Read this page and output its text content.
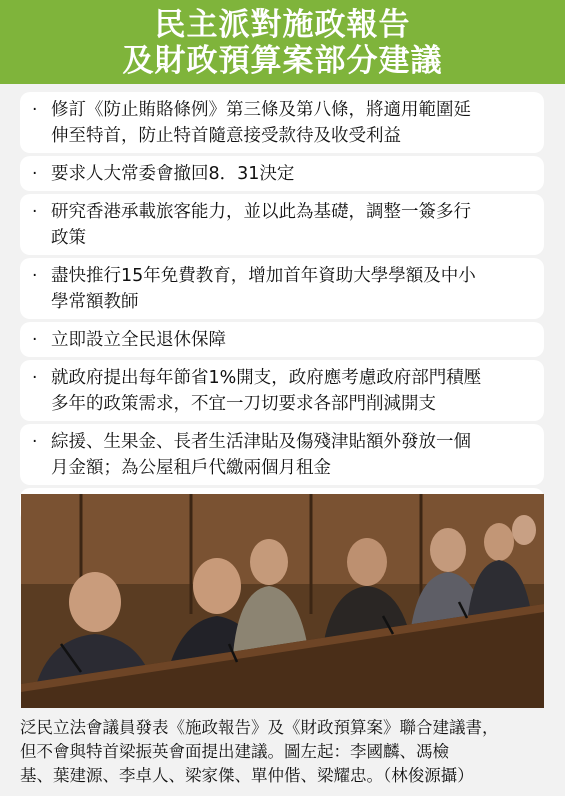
民主派對施政報告
及財政預算案部分建議
· 修訂《防止賄賂條例》第三條及第八條，將適用範圍延
伸至特首，防止特首隨意接受款待及收受利益
· 要求人大常委會撤回8．31決定
· 研究香港承載旅客能力，並以此為基礎，調整一簽多行
政策
· 盡快推行15年免費教育，增加首年資助大學學額及中小
學常額教師
· 立即設立全民退休保障
· 就政府提出每年節省1%開支，政府應考慮政府部門積壓
多年的政策需求，不宜一刀切要求各部門削減開支
· 綜援、生果金、長者生活津貼及傷殘津貼額外發放一個
月金額；為公屋租戶代繳兩個月租金
泛民立法會議員發表《施政報告》及《財政預算案》聯合建議書，
但不會與特首梁振英會面提出建議。圖左起：李國麟、馮檢
基、葉建源、李卓人、梁家傑、單仲偕、梁耀忠。（林俊源攝）
